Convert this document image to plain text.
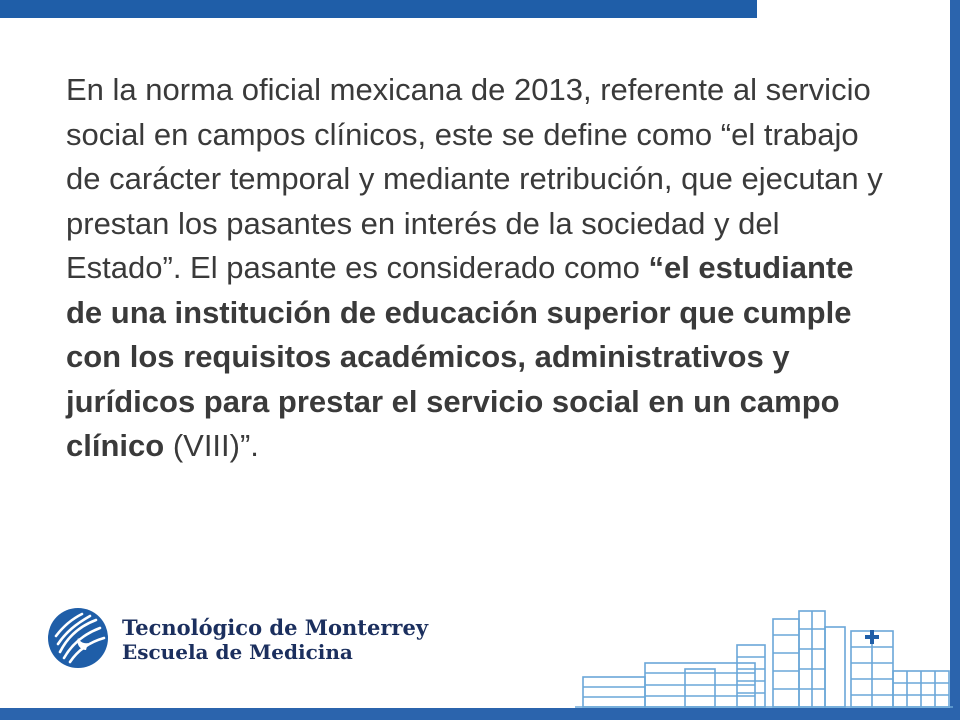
En la norma oficial mexicana de 2013, referente al servicio social en campos clínicos, este se define como “el trabajo de carácter temporal y mediante retribución, que ejecutan y prestan los pasantes en interés de la sociedad y del Estado”. El pasante es considerado como “el estudiante de una institución de educación superior que cumple con los requisitos académicos, administrativos y jurídicos para prestar el servicio social en un campo clínico (VIII)”.

Tecnológico de Monterrey
Escuela de Medicina
